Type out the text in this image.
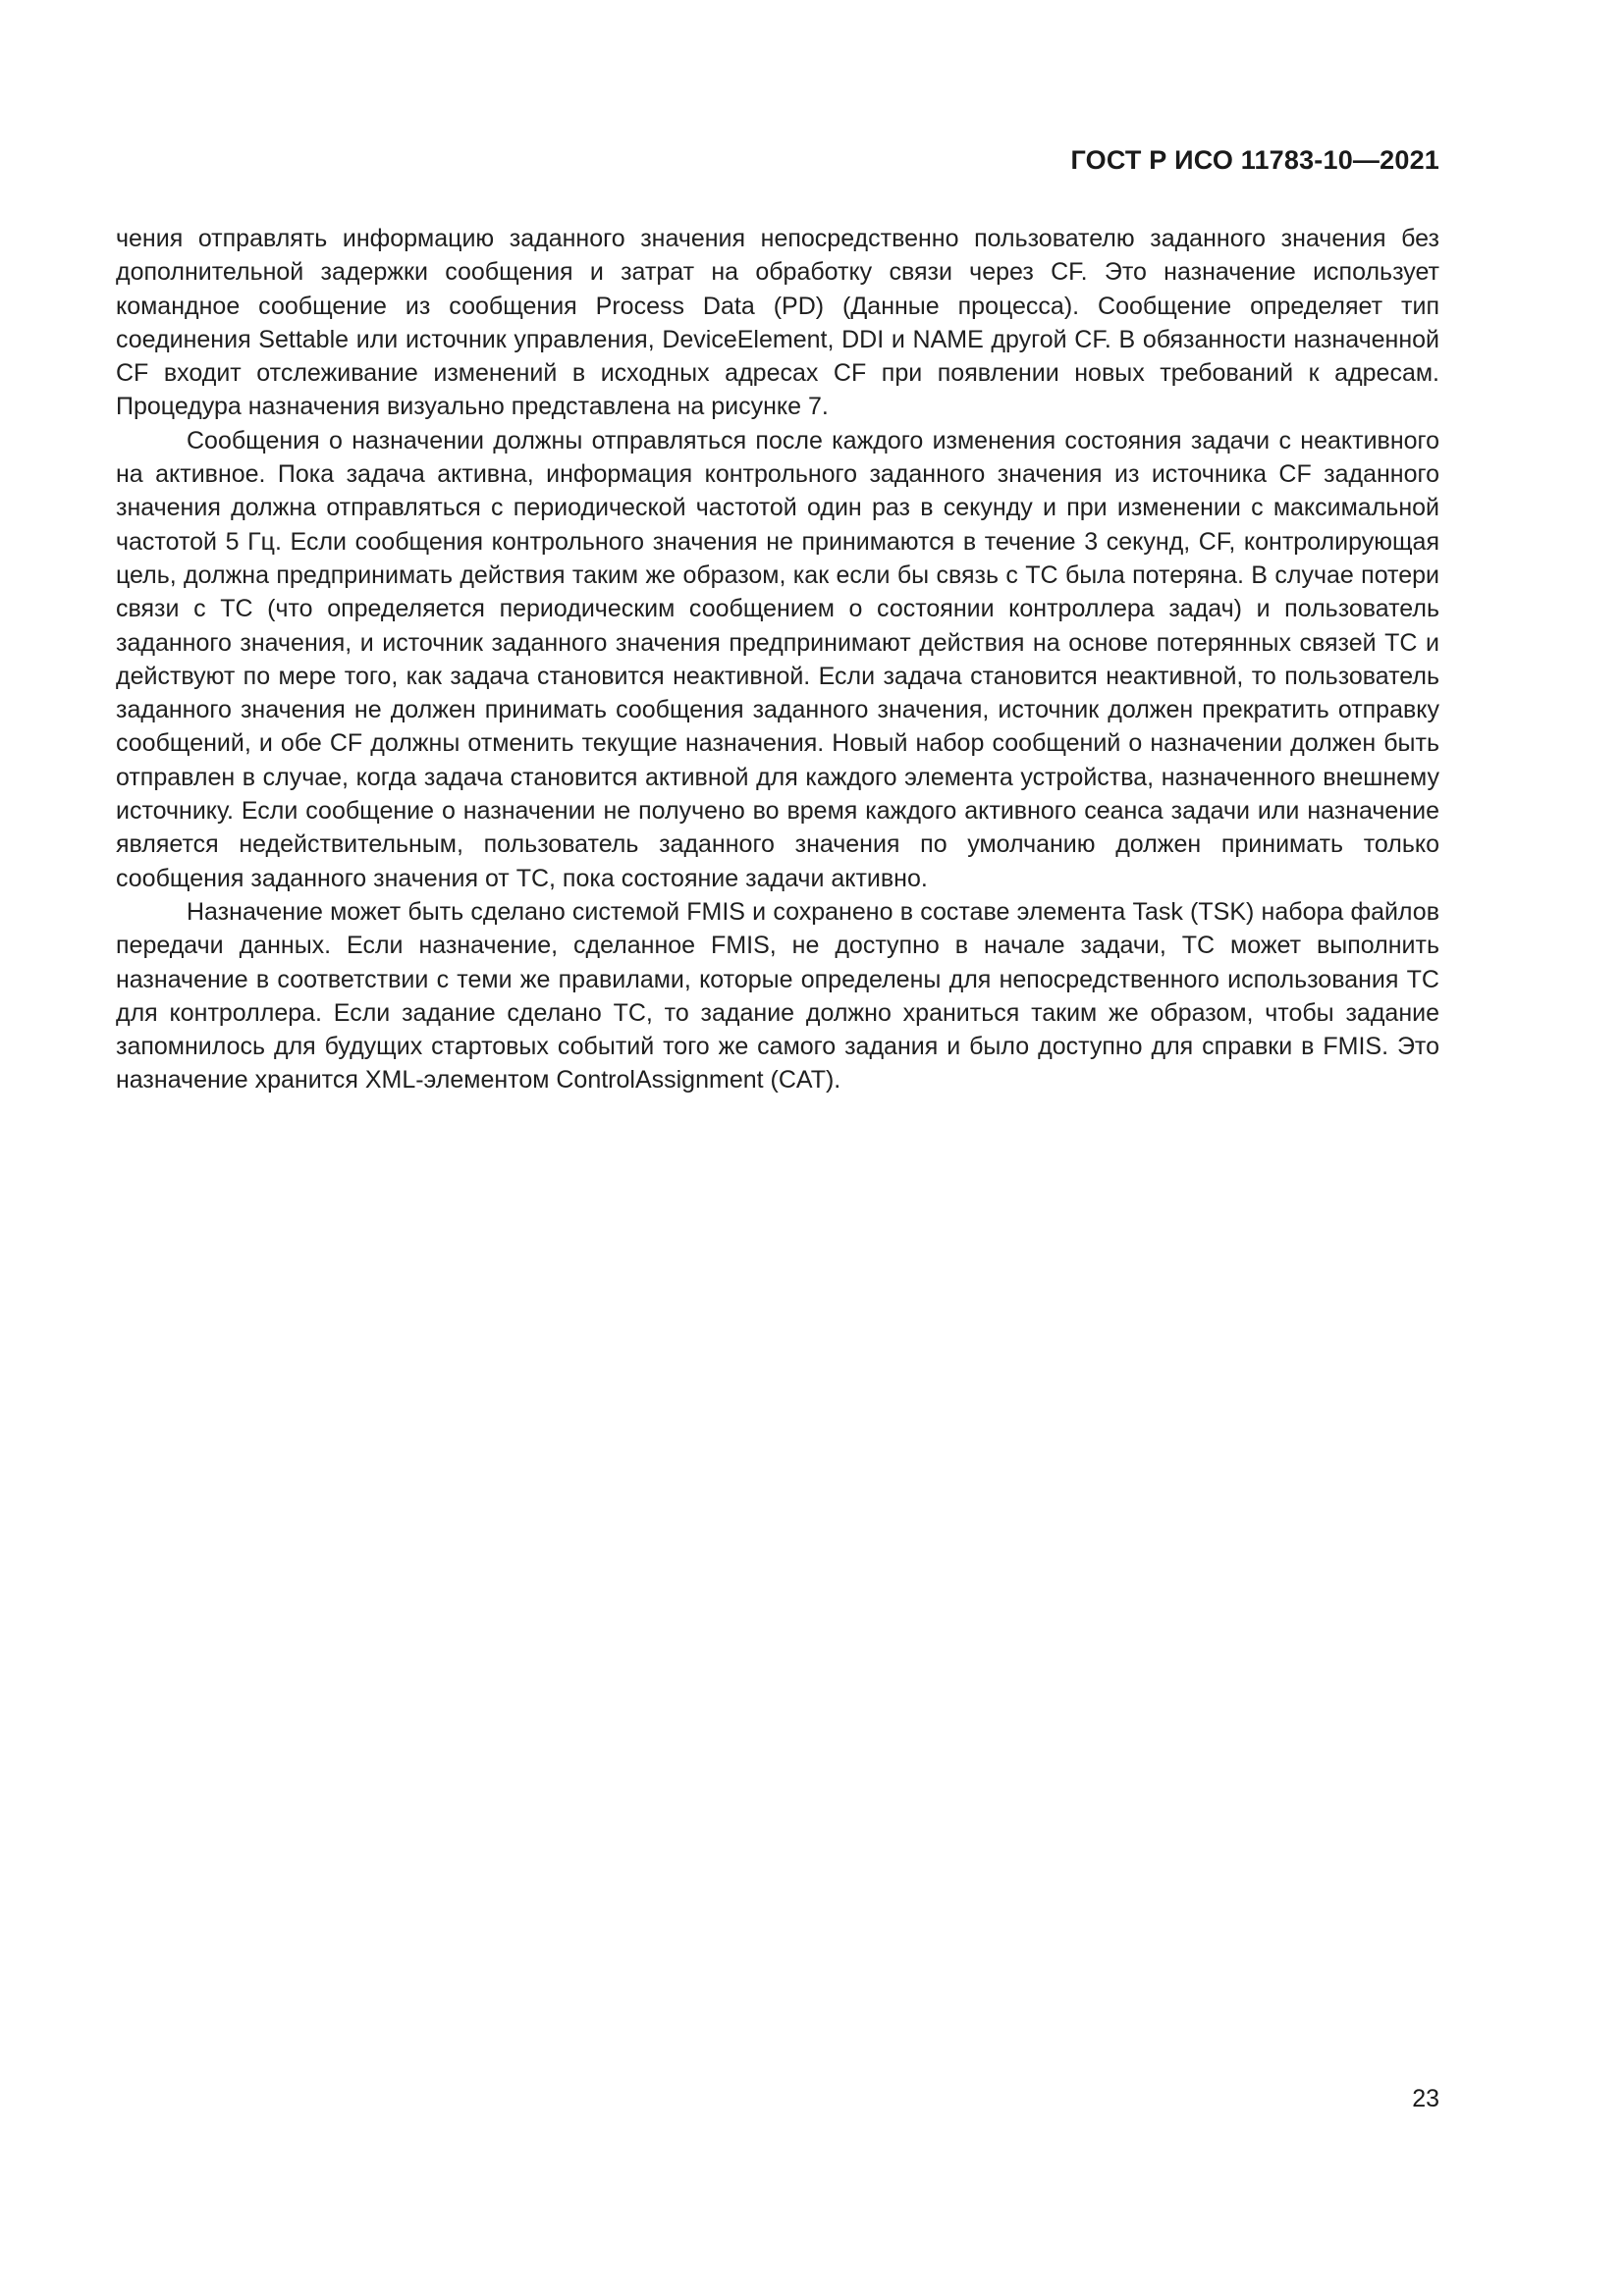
ГОСТ Р ИСО 11783-10—2021

чения отправлять информацию заданного значения непосредственно пользователю заданного значения без дополнительной задержки сообщения и затрат на обработку связи через CF. Это назначение использует командное сообщение из сообщения Process Data (PD) (Данные процесса). Сообщение определяет тип соединения Settable или источник управления, DeviceElement, DDI и NAME другой CF. В обязанности назначенной CF входит отслеживание изменений в исходных адресах CF при появлении новых требований к адресам. Процедура назначения визуально представлена на рисунке 7.

Сообщения о назначении должны отправляться после каждого изменения состояния задачи с неактивного на активное. Пока задача активна, информация контрольного заданного значения из источника CF заданного значения должна отправляться с периодической частотой один раз в секунду и при изменении с максимальной частотой 5 Гц. Если сообщения контрольного значения не принимаются в течение 3 секунд, CF, контролирующая цель, должна предпринимать действия таким же образом, как если бы связь с TC была потеряна. В случае потери связи с TC (что определяется периодическим сообщением о состоянии контроллера задач) и пользователь заданного значения, и источник заданного значения предпринимают действия на основе потерянных связей TC и действуют по мере того, как задача становится неактивной. Если задача становится неактивной, то пользователь заданного значения не должен принимать сообщения заданного значения, источник должен прекратить отправку сообщений, и обе CF должны отменить текущие назначения. Новый набор сообщений о назначении должен быть отправлен в случае, когда задача становится активной для каждого элемента устройства, назначенного внешнему источнику. Если сообщение о назначении не получено во время каждого активного сеанса задачи или назначение является недействительным, пользователь заданного значения по умолчанию должен принимать только сообщения заданного значения от TC, пока состояние задачи активно.

Назначение может быть сделано системой FMIS и сохранено в составе элемента Task (TSK) набора файлов передачи данных. Если назначение, сделанное FMIS, не доступно в начале задачи, TC может выполнить назначение в соответствии с теми же правилами, которые определены для непосредственного использования TC для контроллера. Если задание сделано TC, то задание должно храниться таким же образом, чтобы задание запомнилось для будущих стартовых событий того же самого задания и было доступно для справки в FMIS. Это назначение хранится XML-элементом ControlAssignment (CAT).

23
